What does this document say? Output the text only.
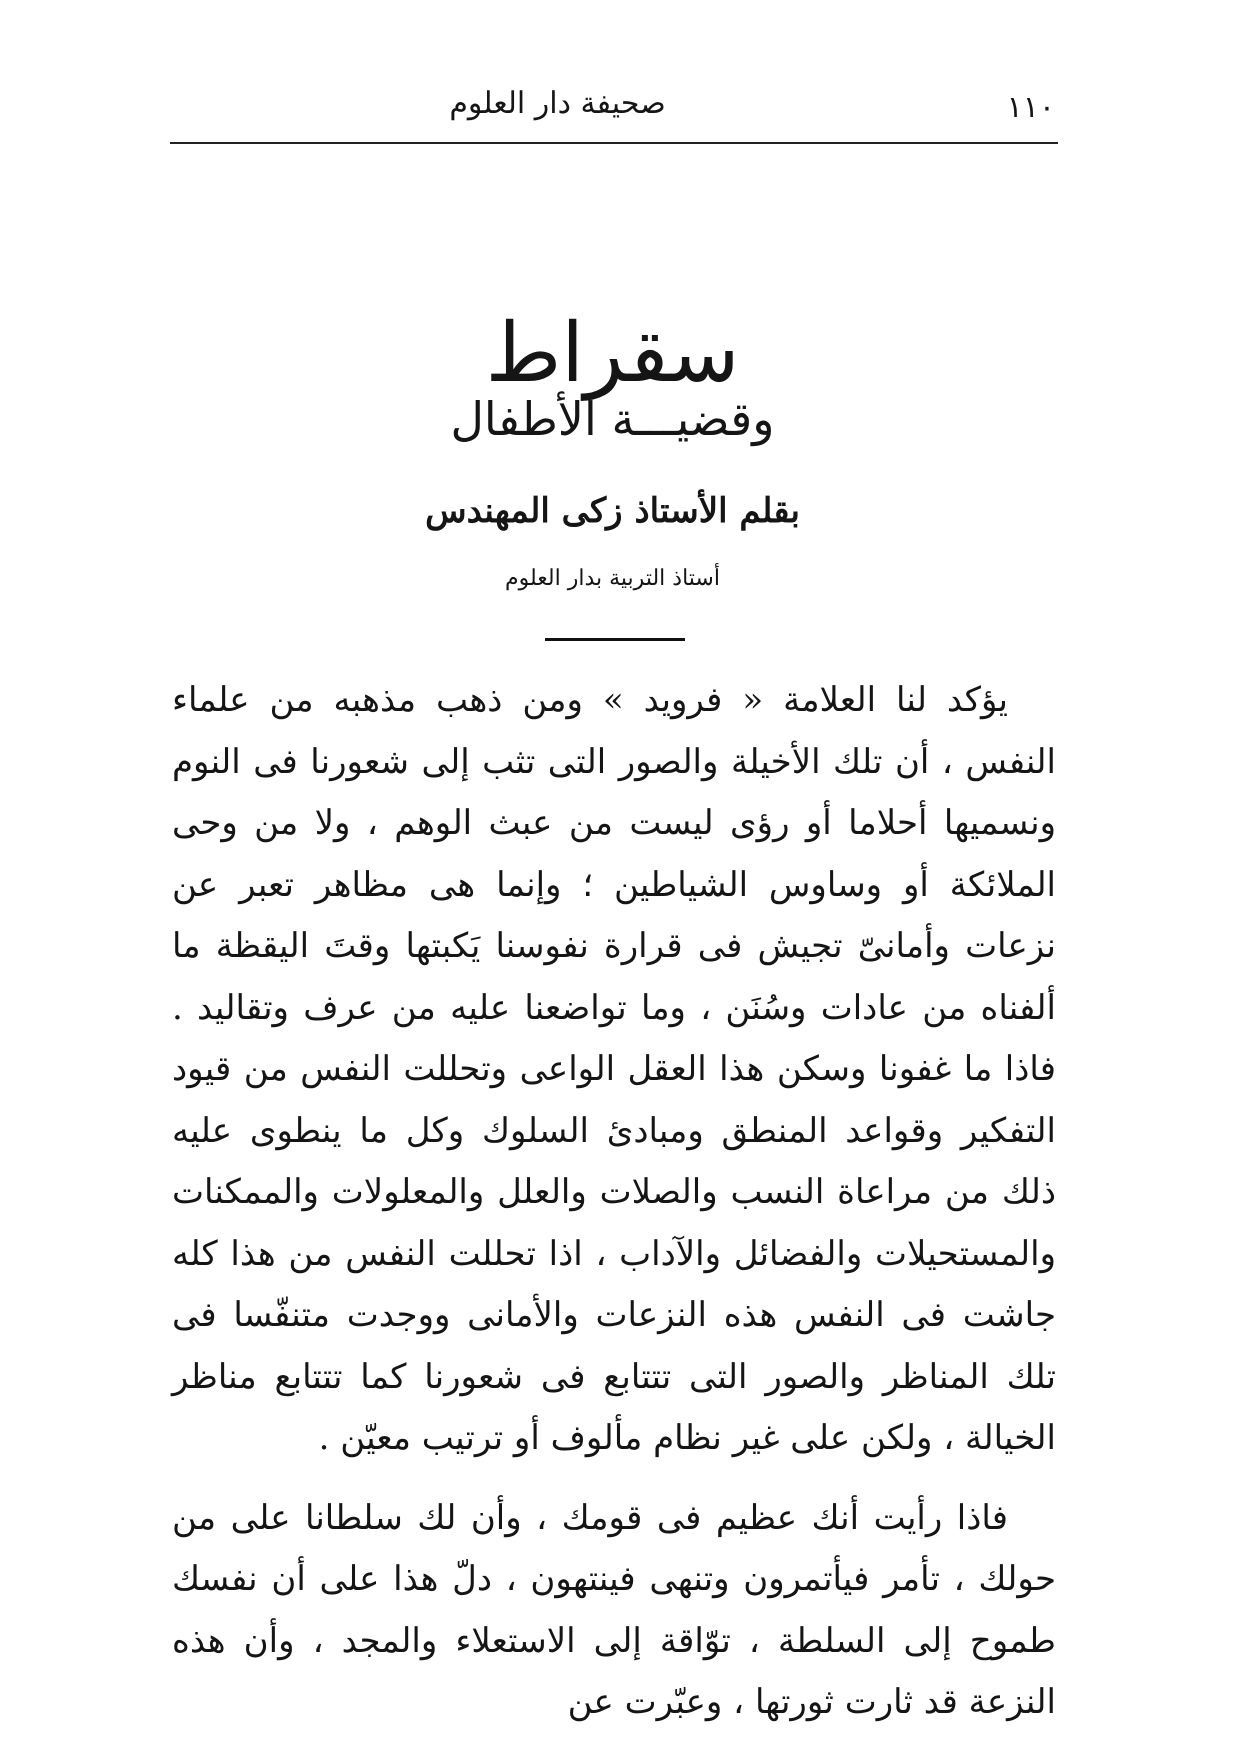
١١٠
صحيفة دار العلوم
سقراط
وقضيـــة الأطفال
بقلم الأستاذ زكى المهندس
أستاذ التربية بدار العلوم

يؤكد لنا العلامة « فرويد » ومن ذهب مذهبه من علماء النفس ، أن تلك الأخيلة والصور التى تثب إلى شعورنا فى النوم ونسميها أحلاما أو رؤى ليست من عبث الوهم ، ولا من وحى الملائكة أو وساوس الشياطين ؛ وإنما هى مظاهر تعبر عن نزعات وأمانىّ تجيش فى قرارة نفوسنا يَكبتها وقتَ اليقظة ما ألفناه من عادات وسُنَن ، وما تواضعنا عليه من عرف وتقاليد . فاذا ما غفونا وسكن هذا العقل الواعى وتحللت النفس من قيود التفكير وقواعد المنطق ومبادئ السلوك وكل ما ينطوى عليه ذلك من مراعاة النسب والصلات والعلل والمعلولات والممكنات والمستحيلات والفضائل والآداب ، اذا تحللت النفس من هذا كله جاشت فى النفس هذه النزعات والأمانى ووجدت متنفّسا فى تلك المناظر والصور التى تتتابع فى شعورنا كما تتتابع مناظر الخيالة ، ولكن على غير نظام مألوف أو ترتيب معيّن .

فاذا رأيت أنك عظيم فى قومك ، وأن لك سلطانا على من حولك ، تأمر فيأتمرون وتنهى فينتهون ، دلّ هذا على أن نفسك طموح إلى السلطة ، توّاقة إلى الاستعلاء والمجد ، وأن هذه النزعة قد ثارت ثورتها ، وعبّرت عن
